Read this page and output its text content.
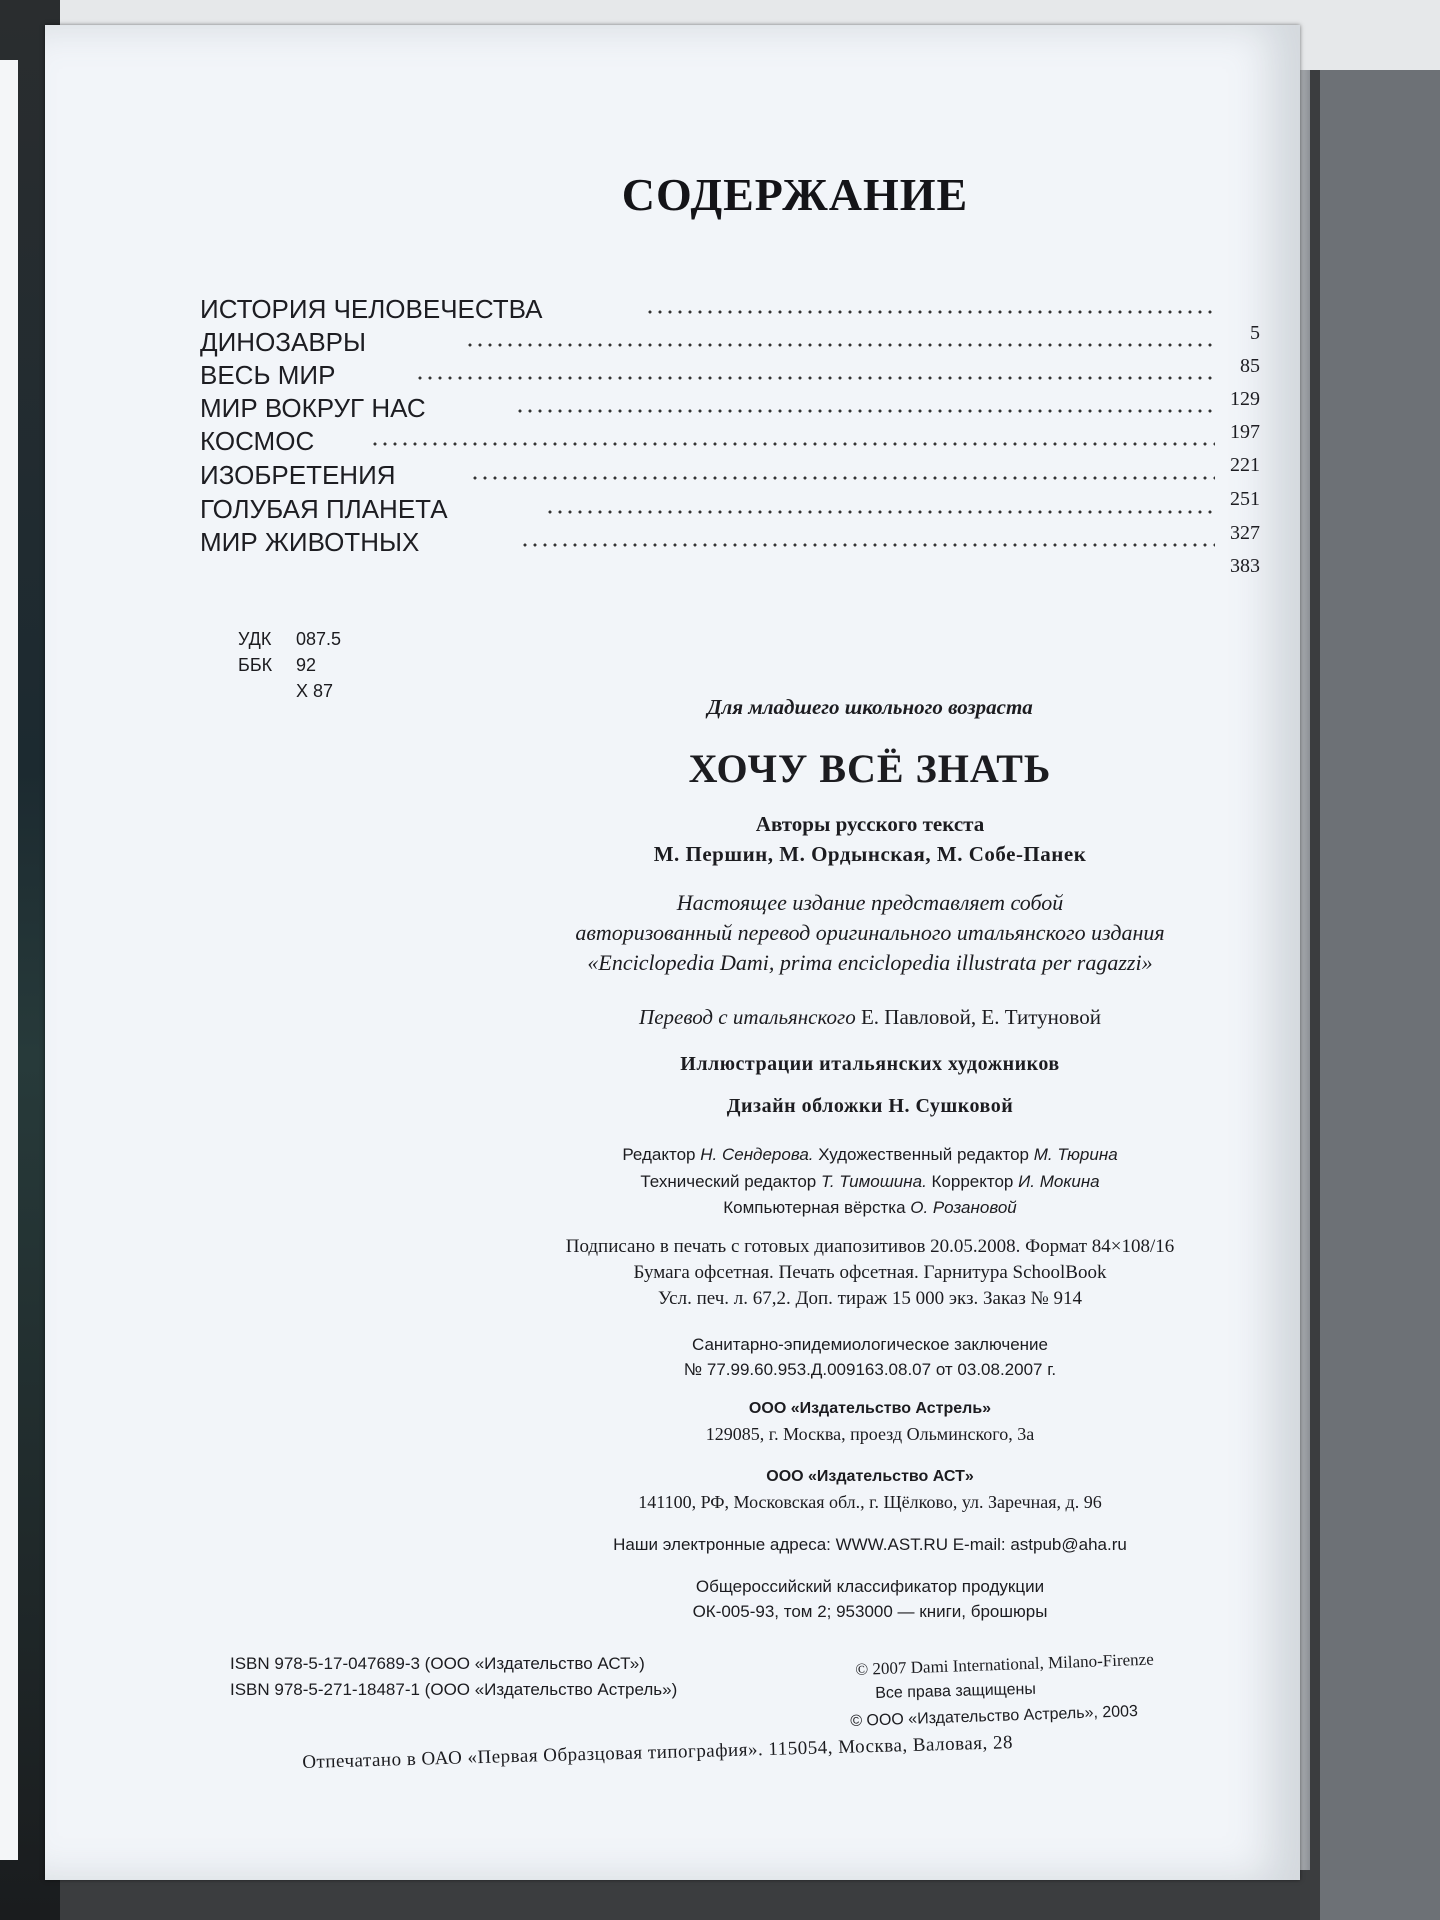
СОДЕРЖАНИЕ
ИСТОРИЯ ЧЕЛОВЕЧЕСТВА
5
ДИНОЗАВРЫ
85
ВЕСЬ МИР
129
МИР ВОКРУГ НАС
197
КОСМОС
221
ИЗОБРЕТЕНИЯ
251
ГОЛУБАЯ ПЛАНЕТА
327
МИР ЖИВОТНЫХ
383
УДК 087.5
ББК 92
Х 87
Для младшего школьного возраста
ХОЧУ ВСЁ ЗНАТЬ
Авторы русского текста
М. Першин, М. Ордынская, М. Собе-Панек
Настоящее издание представляет собой
авторизованный перевод оригинального итальянского издания
«Enciclopedia Dami, prima enciclopedia illustrata per ragazzi»
Перевод с итальянского Е. Павловой, Е. Титуновой
Иллюстрации итальянских художников
Дизайн обложки Н. Сушковой
Редактор Н. Сендерова. Художественный редактор М. Тюрина
Технический редактор Т. Тимошина. Корректор И. Мокина
Компьютерная вёрстка О. Розановой
Подписано в печать с готовых диапозитивов 20.05.2008. Формат 84×108/16
Бумага офсетная. Печать офсетная. Гарнитура SchoolBook
Усл. печ. л. 67,2. Доп. тираж 15 000 экз. Заказ № 914
Санитарно-эпидемиологическое заключение
№ 77.99.60.953.Д.009163.08.07 от 03.08.2007 г.
ООО «Издательство Астрель»
129085, г. Москва, проезд Ольминского, 3а
ООО «Издательство АСТ»
141100, РФ, Московская обл., г. Щёлково, ул. Заречная, д. 96
Наши электронные адреса: WWW.AST.RU E-mail: astpub@aha.ru
Общероссийский классификатор продукции
ОК-005-93, том 2; 953000 — книги, брошюры
ISBN 978-5-17-047689-3 (ООО «Издательство АСТ»)
ISBN 978-5-271-18487-1 (ООО «Издательство Астрель»)
© 2007 Dami International, Milano-Firenze
Все права защищены
© ООО «Издательство Астрель», 2003
Отпечатано в ОАО «Первая Образцовая типография». 115054, Москва, Валовая, 28
